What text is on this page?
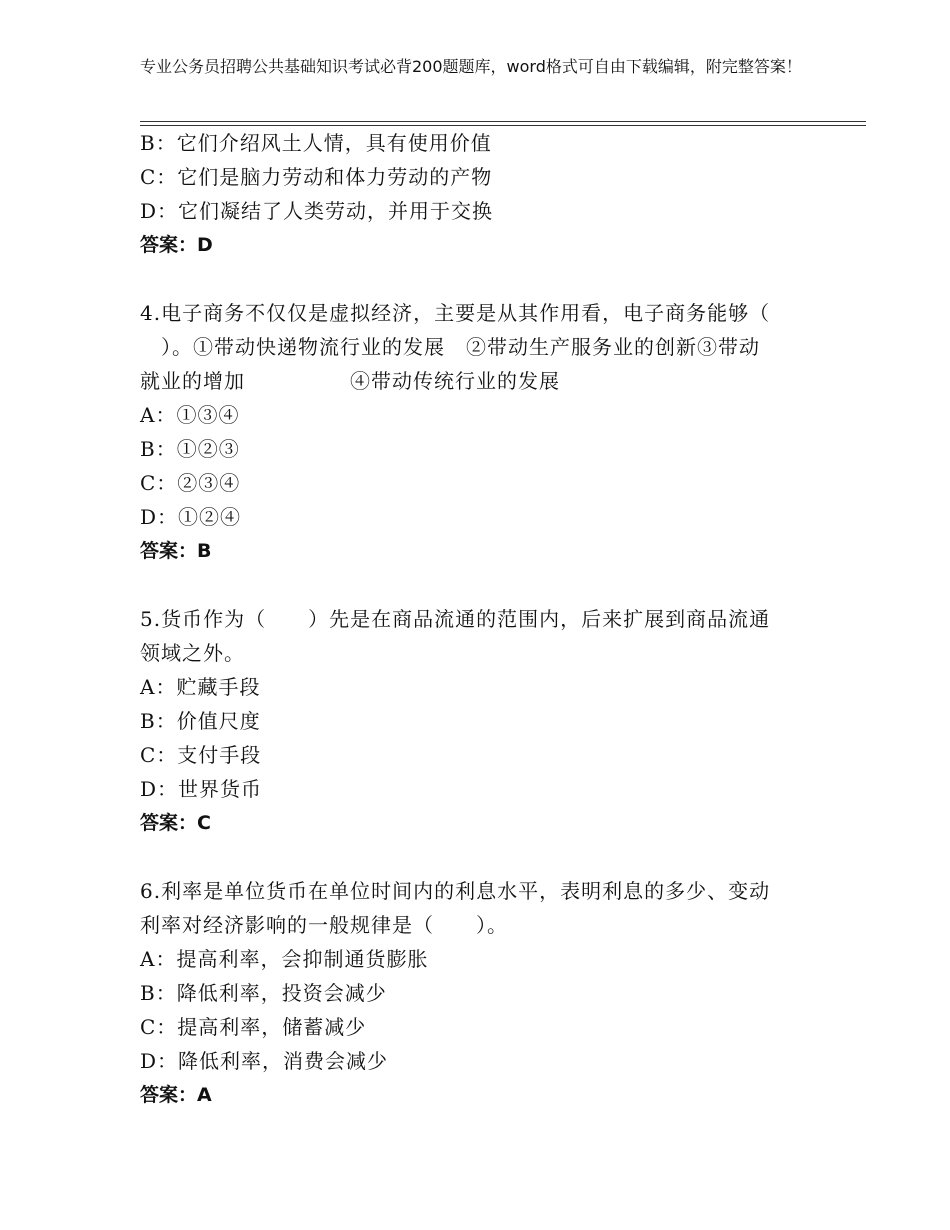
专业公务员招聘公共基础知识考试必背200题题库，word格式可自由下载编辑，附完整答案！

B：它们介绍风土人情，具有使用价值

C：它们是脑力劳动和体力劳动的产物

D：它们凝结了人类劳动，并用于交换

答案：D

4.电子商务不仅仅是虚拟经济，主要是从其作用看，电子商务能够（

　）。①带动快递物流行业的发展　②带动生产服务业的创新③带动

就业的增加　　　　　④带动传统行业的发展

A：①③④

B：①②③

C：②③④

D：①②④

答案：B

5.货币作为（　　）先是在商品流通的范围内，后来扩展到商品流通

领域之外。

A：贮藏手段

B：价值尺度

C：支付手段

D：世界货币

答案：C

6.利率是单位货币在单位时间内的利息水平，表明利息的多少、变动

利率对经济影响的一般规律是（　　）。

A：提高利率，会抑制通货膨胀

B：降低利率，投资会减少

C：提高利率，储蓄减少

D：降低利率，消费会减少

答案：A
